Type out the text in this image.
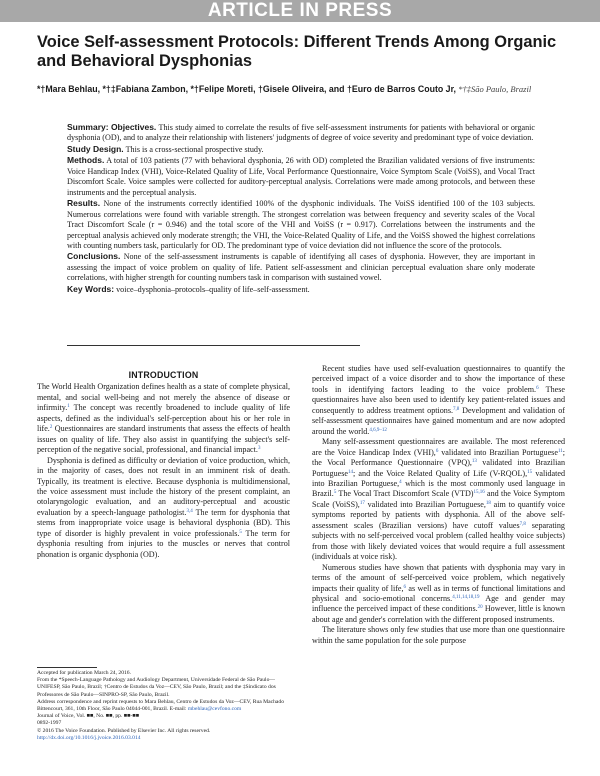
ARTICLE IN PRESS
Voice Self-assessment Protocols: Different Trends Among Organic and Behavioral Dysphonias
*†Mara Behlau, *†‡Fabiana Zambon, *†Felipe Moreti, †Gisele Oliveira, and †Euro de Barros Couto Jr, *†‡São Paulo, Brazil

Summary: Objectives. This study aimed to correlate the results of five self-assessment instruments for patients with behavioral or organic dysphonia (OD), and to analyze their relationship with listeners' judgments of degree of voice severity and predominant type of voice deviation.

Study Design. This is a cross-sectional prospective study.

Methods. A total of 103 patients (77 with behavioral dysphonia, 26 with OD) completed the Brazilian validated versions of five instruments: Voice Handicap Index (VHI), Voice-Related Quality of Life, Vocal Performance Questionnaire, Voice Symptom Scale (VoiSS), and Vocal Tract Discomfort Scale. Voice samples were collected for auditory-perceptual analysis. Correlations were made among protocols, and between these instruments and the perceptual analysis.

Results. None of the instruments correctly identified 100% of the dysphonic individuals. The VoiSS identified 100 of the 103 subjects. Numerous correlations were found with variable strength. The strongest correlation was between frequency and severity scales of the Vocal Tract Discomfort Scale (r = 0.946) and the total score of the VHI and VoiSS (r = 0.917). Correlations between the instruments and the perceptual analysis achieved only moderate strength; the VHI, the Voice-Related Quality of Life, and the VoiSS showed the highest correlations with counting numbers task, particularly for OD. The predominant type of voice deviation did not influence the score of the protocols.

Conclusions. None of the self-assessment instruments is capable of identifying all cases of dysphonia. However, they are important in assessing the impact of voice problem on quality of life. Patient self-assessment and clinician perceptual evaluation share only moderate correlations, with higher strength for counting numbers task in comparison with sustained vowel.

Key Words: voice–dysphonia–protocols–quality of life–self-assessment.

INTRODUCTION

The World Health Organization defines health as a state of complete physical, mental, and social well-being and not merely the absence of disease or infirmity.$^1$ The concept was recently broadened to include quality of life aspects, defined as the individual's self-perception about his or her role in life.$^2$ Questionnaires are standard instruments that assess the effects of health issues on quality of life. They also assist in quantifying the subject's self-perception of the negative social, professional, and financial impact.$^3$

Dysphonia is defined as difficulty or deviation of voice production, which, in the majority of cases, does not result in an imminent risk of death. Typically, its treatment is elective. Because dysphonia is multidimensional, the voice assessment must include the history of the present complaint, an otolaryngologic evaluation, and an auditory-perceptual and acoustic evaluation by a speech-language pathologist.$^{3,4}$ The term for dysphonia that stems from inappropriate voice usage is behavioral dysphonia (BD). This type of disorder is highly prevalent in voice professionals.$^5$ The term for dysphonia resulting from injuries to the muscles or nerves that control phonation is organic dysphonia (OD).

Accepted for publication March 24, 2016.

From the *Speech-Language Pathology and Audiology Department, Universidade Federal de São Paulo—UNIFESP, São Paulo, Brazil; †Centro de Estudos da Voz—CEV, São Paulo, Brazil; and the ‡Sindicato dos Professores de São Paulo—SINPRO-SP, São Paulo, Brazil.

Address correspondence and reprint requests to Mara Behlau, Centro de Estudos da Voz—CEV, Rua Machado Bittencourt, 361, 10th Floor, São Paulo 04044-001, Brazil. E-mail: mbehlau@cevfono.com

Journal of Voice, Vol. ■■, No. ■■, pp. ■■-■■

0892-1997

© 2016 The Voice Foundation. Published by Elsevier Inc. All rights reserved.

http://dx.doi.org/10.1016/j.jvoice.2016.03.014

Recent studies have used self-evaluation questionnaires to quantify the perceived impact of a voice disorder and to show the importance of these tools in identifying factors leading to the voice problem.$^6$ These questionnaires have also been used to identify key patient-related issues and consequently to address treatment options.$^{7,8}$ Development and validation of self-assessment questionnaires have gained momentum and are now adopted around the world.$^{4,6,9-12}$

Many self-assessment questionnaires are available. The most referenced are the Voice Handicap Index (VHI),$^6$ validated into Brazilian Portuguese$^{11}$; the Vocal Performance Questionnaire (VPQ),$^{13}$ validated into Brazilian Portuguese$^{14}$; and the Voice Related Quality of Life (V-RQOL),$^{15}$ validated into Brazilian Portuguese,$^4$ which is the most commonly used language in Brazil.$^5$ The Vocal Tract Discomfort Scale (VTD)$^{15,16}$ and the Voice Symptom Scale (VoiSS),$^{17}$ validated into Brazilian Portuguese,$^{18}$ aim to quantify voice symptoms reported by patients with dysphonia. All of the above self-assessment scales (Brazilian versions) have cutoff values$^{7,8}$ separating subjects with no self-perceived vocal problem (called healthy voice subjects) from those with likely deviated voices that would require a full assessment (individuals at voice risk).

Numerous studies have shown that patients with dysphonia may vary in terms of the amount of self-perceived voice problem, which negatively impacts their quality of life,$^6$ as well as in terms of functional limitations and physical and socio-emotional concerns.$^{4,11,14,18,19}$ Age and gender may influence the perceived impact of these conditions.$^{20}$ However, little is known about age and gender's correlation with the different proposed instruments.

The literature shows only few studies that use more than one questionnaire within the same population for the sole purpose
